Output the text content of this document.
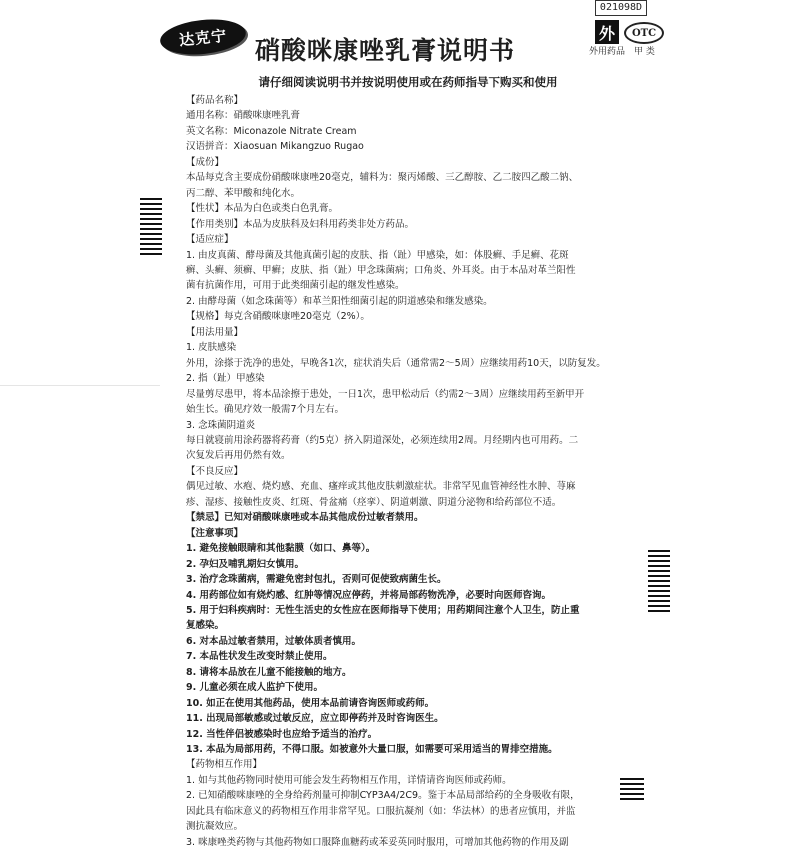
达克宁	硝酸咪康唑乳膏说明书
021098D
外
外用药品
OTC
甲 类
请仔细阅读说明书并按说明使用或在药师指导下购买和使用
【药品名称】
通用名称：硝酸咪康唑乳膏
英文名称：Miconazole Nitrate Cream
汉语拼音：Xiaosuan Mikangzuo Rugao
【成份】
本品每克含主要成份硝酸咪康唑20毫克，辅料为：聚丙烯酸、三乙醇胺、乙二胺四乙酸二钠、
丙二醇、苯甲酸和纯化水。
【性状】本品为白色或类白色乳膏。
【作用类别】本品为皮肤科及妇科用药类非处方药品。
【适应症】
1. 由皮真菌、酵母菌及其他真菌引起的皮肤、指（趾）甲感染，如：体股癣、手足癣、花斑
癣、头癣、须癣、甲癣；皮肤、指（趾）甲念珠菌病；口角炎、外耳炎。由于本品对革兰阳性
菌有抗菌作用，可用于此类细菌引起的继发性感染。
2. 由酵母菌（如念珠菌等）和革兰阳性细菌引起的阴道感染和继发感染。
【规格】每克含硝酸咪康唑20毫克（2%）。
【用法用量】
1. 皮肤感染
外用，涂搽于洗净的患处，早晚各1次，症状消失后（通常需2～5周）应继续用药10天，以防复发。
2. 指（趾）甲感染
尽量剪尽患甲，将本品涂擦于患处，一日1次，患甲松动后（约需2～3周）应继续用药至新甲开
始生长。确见疗效一般需7个月左右。
3. 念珠菌阴道炎
每日就寝前用涂药器将药膏（约5克）挤入阴道深处，必须连续用2周。月经期内也可用药。二
次复发后再用仍然有效。
【不良反应】
偶见过敏、水疱、烧灼感、充血、瘙痒或其他皮肤刺激症状。非常罕见血管神经性水肿、荨麻
疹、湿疹、接触性皮炎、红斑、骨盆痛（痉挛）、阴道刺激、阴道分泌物和给药部位不适。
【禁忌】已知对硝酸咪康唑或本品其他成份过敏者禁用。
【注意事项】
1. 避免接触眼睛和其他黏膜（如口、鼻等）。
2. 孕妇及哺乳期妇女慎用。
3. 治疗念珠菌病，需避免密封包扎，否则可促使致病菌生长。
4. 用药部位如有烧灼感、红肿等情况应停药，并将局部药物洗净，必要时向医师咨询。
5. 用于妇科疾病时：无性生活史的女性应在医师指导下使用；用药期间注意个人卫生，防止重
复感染。
6. 对本品过敏者禁用，过敏体质者慎用。
7. 本品性状发生改变时禁止使用。
8. 请将本品放在儿童不能接触的地方。
9. 儿童必须在成人监护下使用。
10. 如正在使用其他药品，使用本品前请咨询医师或药师。
11. 出现局部敏感或过敏反应，应立即停药并及时咨询医生。
12. 当性伴侣被感染时也应给予适当的治疗。
13. 本品为局部用药，不得口服。如被意外大量口服，如需要可采用适当的胃排空措施。
【药物相互作用】
1. 如与其他药物同时使用可能会发生药物相互作用，详情请咨询医师或药师。
2. 已知硝酸咪康唑的全身给药剂量可抑制CYP3A4/2C9。鉴于本品局部给药的全身吸收有限，
因此具有临床意义的药物相互作用非常罕见。口服抗凝剂（如：华法林）的患者应慎用，并监
测抗凝效应。
3. 咪康唑类药物与其他药物如口服降血糖药或苯妥英同时服用，可增加其他药物的作用及副
